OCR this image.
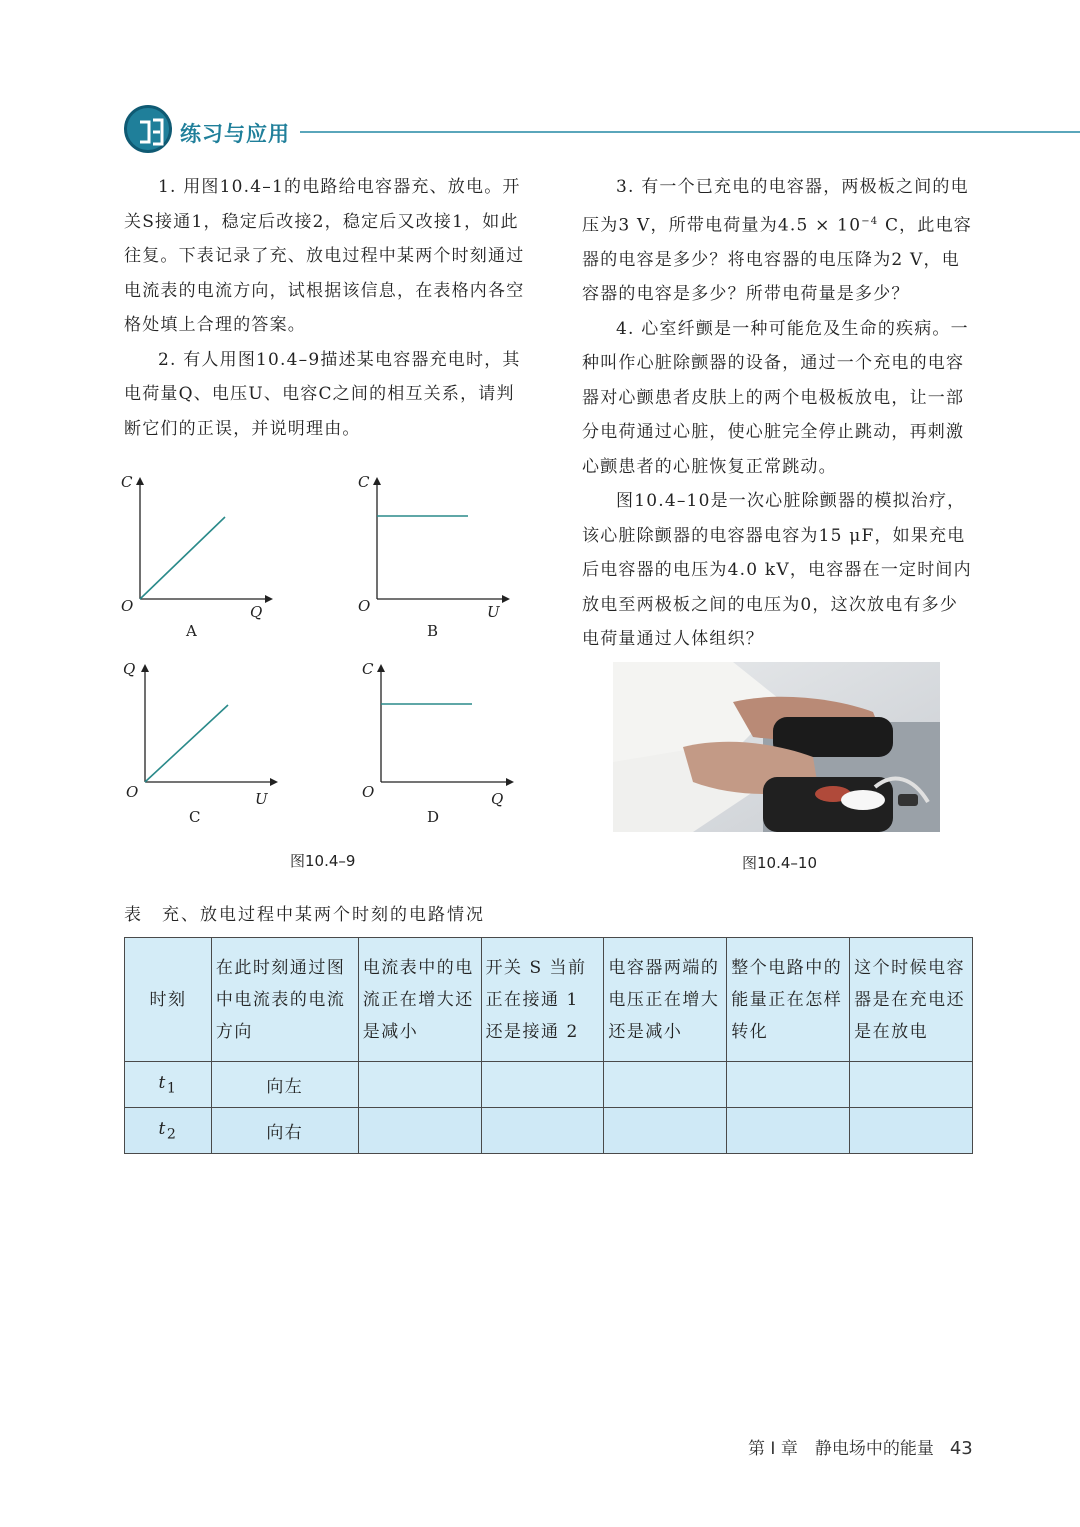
练习与应用

1. 用图10.4–1的电路给电容器充、放电。开关S接通1，稳定后改接2，稳定后又改接1，如此往复。下表记录了充、放电过程中某两个时刻通过电流表的电流方向，试根据该信息，在表格内各空格处填上合理的答案。

2. 有人用图10.4–9描述某电容器充电时，其电荷量Q、电压U、电容C之间的相互关系，请判断它们的正误，并说明理由。

C
O	Q
A
C
O	U
B
Q
O	U
C
C
O	Q
D
图10.4–9

3. 有一个已充电的电容器，两极板之间的电压为3 V，所带电荷量为$4.5 \times 10^{-4}$ C，此电容器的电容是多少？将电容器的电压降为2 V，电容器的电容是多少？所带电荷量是多少？

4. 心室纤颤是一种可能危及生命的疾病。一种叫作心脏除颤器的设备，通过一个充电的电容器对心颤患者皮肤上的两个电极板放电，让一部分电荷通过心脏，使心脏完全停止跳动，再刺激心颤患者的心脏恢复正常跳动。

图10.4–10是一次心脏除颤器的模拟治疗，该心脏除颤器的电容器电容为15 μF，如果充电后电容器的电压为4.0 kV，电容器在一定时间内放电至两极板之间的电压为0，这次放电有多少电荷量通过人体组织？

图10.4–10
表　充、放电过程中某两个时刻的电路情况
时刻	在此时刻通过图中电流表的电流方向	电流表中的电流正在增大还是减小	开关 S 当前正在接通 1 还是接通 2	电容器两端的电压正在增大还是减小	整个电路中的能量正在怎样转化	这个时候电容器是在充电还是在放电
$t_1$	向左					
$t_2$	向右					
第 Ⅰ 章　静电场中的能量 43
